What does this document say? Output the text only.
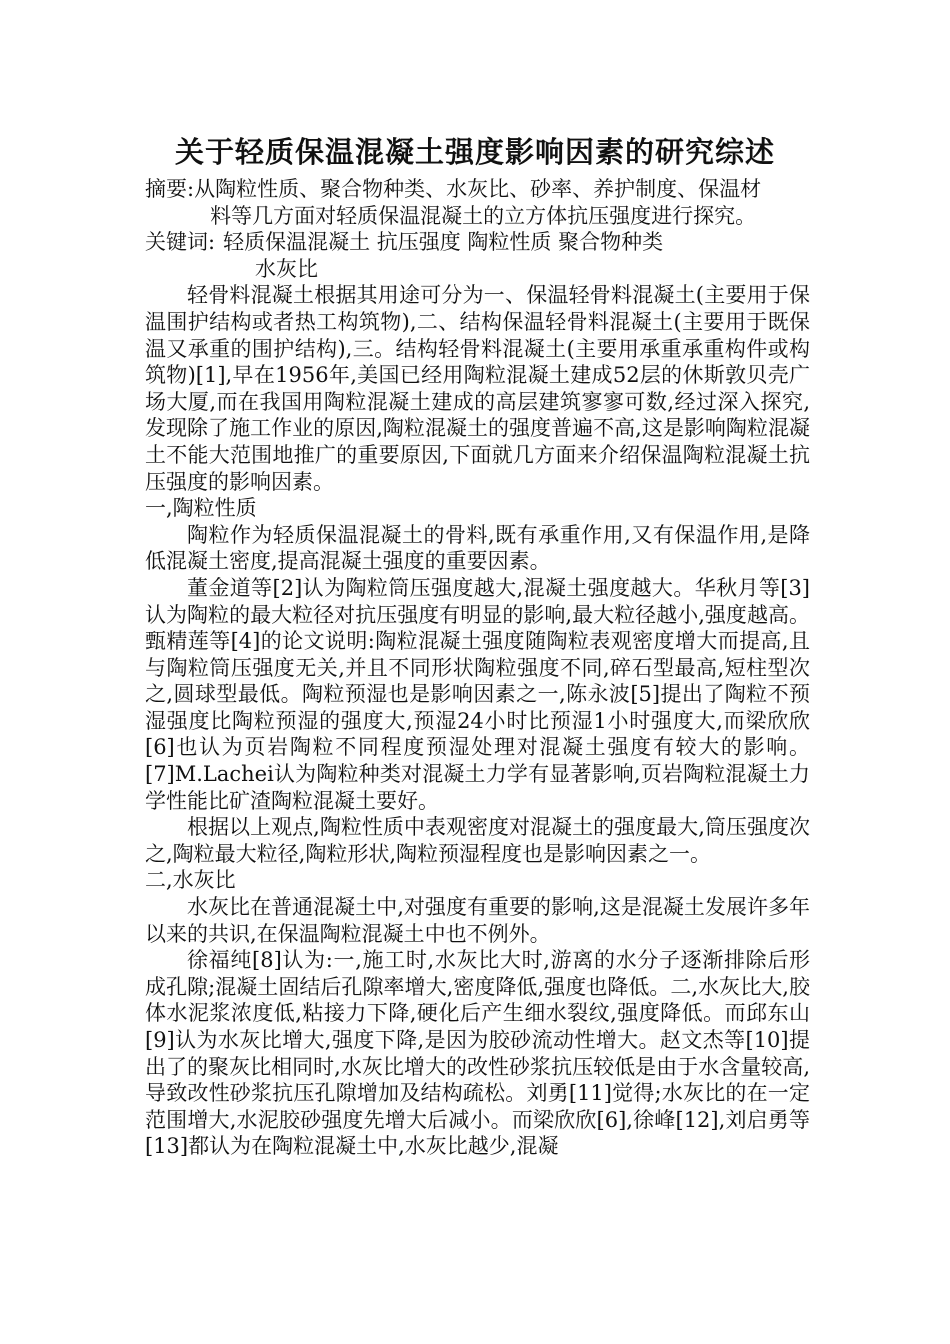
关于轻质保温混凝土强度影响因素的研究综述
摘要: 从陶粒性质、聚合物种类、水灰比、砂率、养护制度、保温材
料等几方面对轻质保温混凝土的立方体抗压强度进行探究。
关键词: 轻质保温混凝土 抗压强度 陶粒性质 聚合物种类
水灰比

轻骨料混凝土根据其用途可分为一、保温轻骨料混凝土(主要用于保温围护结构或者热工构筑物),二、结构保温轻骨料混凝土(主要用于既保温又承重的围护结构),三。结构轻骨料混凝土(主要用承重承重构件或构筑物)[1],早在1956年,美国已经用陶粒混凝土建成52层的休斯敦贝壳广场大厦,而在我国用陶粒混凝土建成的高层建筑寥寥可数,经过深入探究,发现除了施工作业的原因,陶粒混凝土的强度普遍不高,这是影响陶粒混凝土不能大范围地推广的重要原因,下面就几方面来介绍保温陶粒混凝土抗压强度的影响因素。

一,陶粒性质

陶粒作为轻质保温混凝土的骨料,既有承重作用,又有保温作用,是降低混凝土密度,提高混凝土强度的重要因素。

董金道等[2]认为陶粒筒压强度越大,混凝土强度越大。华秋月等[3]认为陶粒的最大粒径对抗压强度有明显的影响,最大粒径越小,强度越高。甄精莲等[4]的论文说明:陶粒混凝土强度随陶粒表观密度增大而提高,且与陶粒筒压强度无关,并且不同形状陶粒强度不同,碎石型最高,短柱型次之,圆球型最低。陶粒预湿也是影响因素之一,陈永波[5]提出了陶粒不预湿强度比陶粒预湿的强度大,预湿24小时比预湿1小时强度大,而梁欣欣[6]也认为页岩陶粒不同程度预湿处理对混凝土强度有较大的影响。[7]M.Lachei认为陶粒种类对混凝土力学有显著影响,页岩陶粒混凝土力学性能比矿渣陶粒混凝土要好。

根据以上观点,陶粒性质中表观密度对混凝土的强度最大,筒压强度次之,陶粒最大粒径,陶粒形状,陶粒预湿程度也是影响因素之一。

二,水灰比

水灰比在普通混凝土中,对强度有重要的影响,这是混凝土发展许多年以来的共识,在保温陶粒混凝土中也不例外。

徐福纯[8]认为:一,施工时,水灰比大时,游离的水分子逐渐排除后形成孔隙;混凝土固结后孔隙率增大,密度降低,强度也降低。二,水灰比大,胶体水泥浆浓度低,粘接力下降,硬化后产生细水裂纹,强度降低。而邱东山[9]认为水灰比增大,强度下降,是因为胶砂流动性增大。赵文杰等[10]提出了的聚灰比相同时,水灰比增大的改性砂浆抗压较低是由于水含量较高,导致改性砂浆抗压孔隙增加及结构疏松。刘勇[11]觉得;水灰比的在一定范围增大,水泥胶砂强度先增大后减小。而梁欣欣[6],徐峰[12],刘启勇等[13]都认为在陶粒混凝土中,水灰比越少,混凝
